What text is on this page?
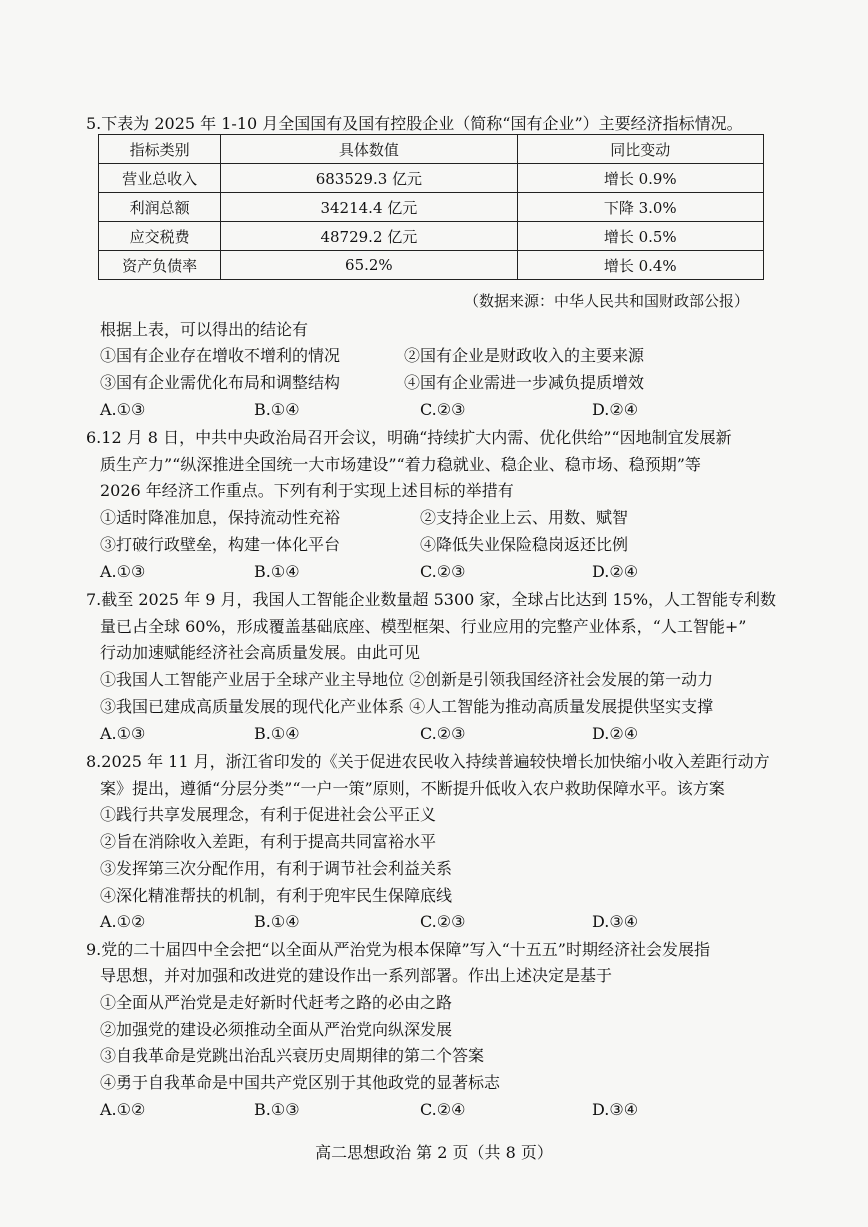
5.下表为 2025 年 1-10 月全国国有及国有控股企业（简称“国有企业”）主要经济指标情况。
指标类别	具体数值	同比变动
营业总收入	683529.3 亿元	增长 0.9%
利润总额	34214.4 亿元	下降 3.0%
应交税费	48729.2 亿元	增长 0.5%
资产负债率	65.2%	增长 0.4%
（数据来源：中华人民共和国财政部公报）
根据上表，可以得出的结论有
①国有企业存在增收不增利的情况	②国有企业是财政收入的主要来源
③国有企业需优化布局和调整结构	④国有企业需进一步减负提质增效
A.①③	B.①④	C.②③	D.②④
6.12 月 8 日，中共中央政治局召开会议，明确“持续扩大内需、优化供给”“因地制宜发展新
质生产力”“纵深推进全国统一大市场建设”“着力稳就业、稳企业、稳市场、稳预期”等
2026 年经济工作重点。下列有利于实现上述目标的举措有
①适时降准加息，保持流动性充裕	②支持企业上云、用数、赋智
③打破行政壁垒，构建一体化平台	④降低失业保险稳岗返还比例
A.①③	B.①④	C.②③	D.②④
7.截至 2025 年 9 月，我国人工智能企业数量超 5300 家，全球占比达到 15%，人工智能专利数
量已占全球 60%，形成覆盖基础底座、模型框架、行业应用的完整产业体系，“人工智能+”
行动加速赋能经济社会高质量发展。由此可见
①我国人工智能产业居于全球产业主导地位 ②创新是引领我国经济社会发展的第一动力
③我国已建成高质量发展的现代化产业体系 ④人工智能为推动高质量发展提供坚实支撑
A.①③	B.①④	C.②③	D.②④
8.2025 年 11 月，浙江省印发的《关于促进农民收入持续普遍较快增长加快缩小收入差距行动方
案》提出，遵循“分层分类”“一户一策”原则，不断提升低收入农户救助保障水平。该方案
①践行共享发展理念，有利于促进社会公平正义
②旨在消除收入差距，有利于提高共同富裕水平
③发挥第三次分配作用，有利于调节社会利益关系
④深化精准帮扶的机制，有利于兜牢民生保障底线
A.①②	B.①④	C.②③	D.③④
9.党的二十届四中全会把“以全面从严治党为根本保障”写入“十五五”时期经济社会发展指
导思想，并对加强和改进党的建设作出一系列部署。作出上述决定是基于
①全面从严治党是走好新时代赶考之路的必由之路
②加强党的建设必须推动全面从严治党向纵深发展
③自我革命是党跳出治乱兴衰历史周期律的第二个答案
④勇于自我革命是中国共产党区别于其他政党的显著标志
A.①②	B.①③	C.②④	D.③④
高二思想政治 第 2 页（共 8 页）
